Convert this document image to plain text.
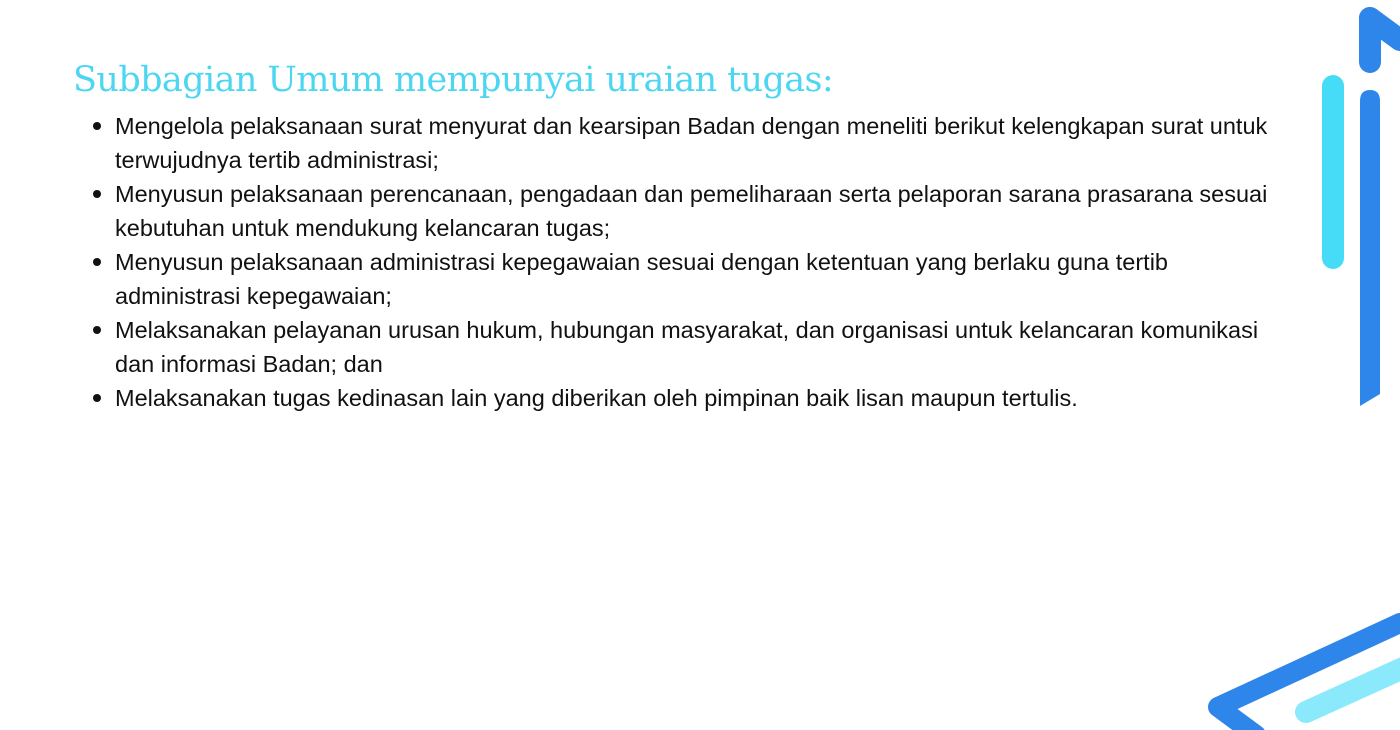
Subbagian Umum mempunyai uraian tugas:
Mengelola pelaksanaan surat menyurat dan kearsipan Badan dengan meneliti berikut kelengkapan surat untuk terwujudnya tertib administrasi;
Menyusun pelaksanaan perencanaan, pengadaan dan pemeliharaan serta pelaporan sarana prasarana sesuai kebutuhan untuk mendukung kelancaran tugas;
Menyusun pelaksanaan administrasi kepegawaian sesuai dengan ketentuan yang berlaku guna tertib administrasi kepegawaian;
Melaksanakan pelayanan urusan hukum, hubungan masyarakat, dan organisasi untuk kelancaran komunikasi dan informasi Badan; dan
Melaksanakan tugas kedinasan lain yang diberikan oleh pimpinan baik lisan maupun tertulis.
